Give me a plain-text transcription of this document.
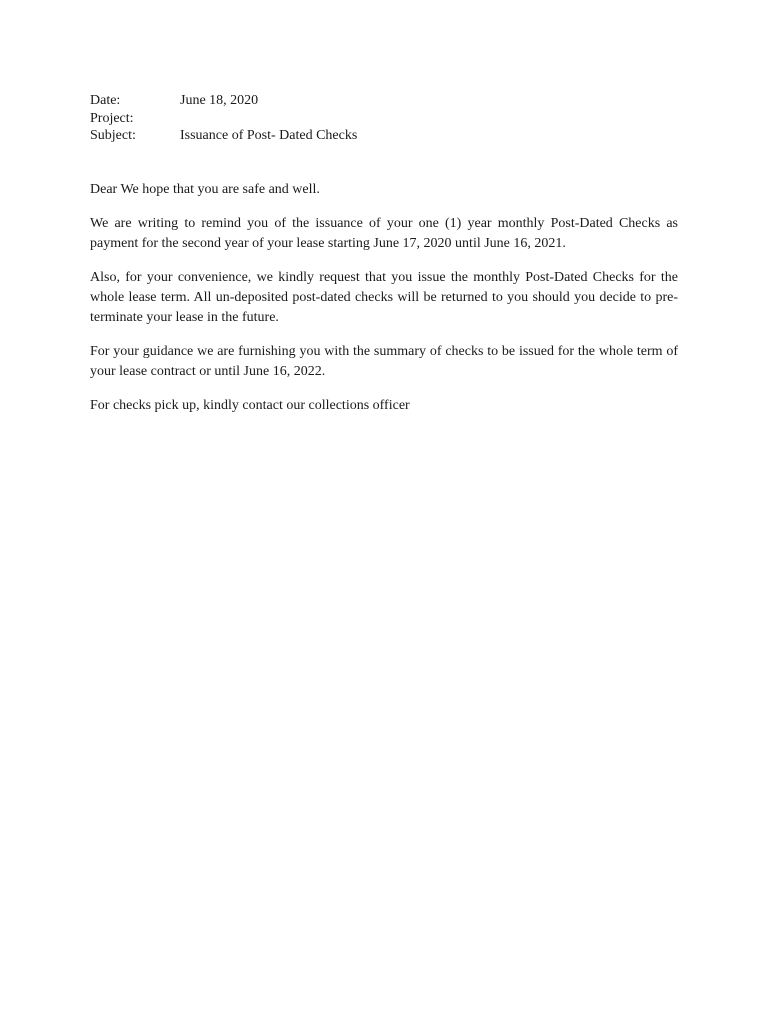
Date:	June 18, 2020
Project:
Subject:	Issuance of Post- Dated Checks

Dear We hope that you are safe and well.

We are writing to remind you of the issuance of your one (1) year monthly Post-Dated Checks as payment for the second year of your lease starting June 17, 2020 until June 16, 2021.

Also, for your convenience, we kindly request that you issue the monthly Post-Dated Checks for the whole lease term. All un-deposited post-dated checks will be returned to you should you decide to pre-terminate your lease in the future.

For your guidance we are furnishing you with the summary of checks to be issued for the whole term of your lease contract or until June 16, 2022.

For checks pick up, kindly contact our collections officer
